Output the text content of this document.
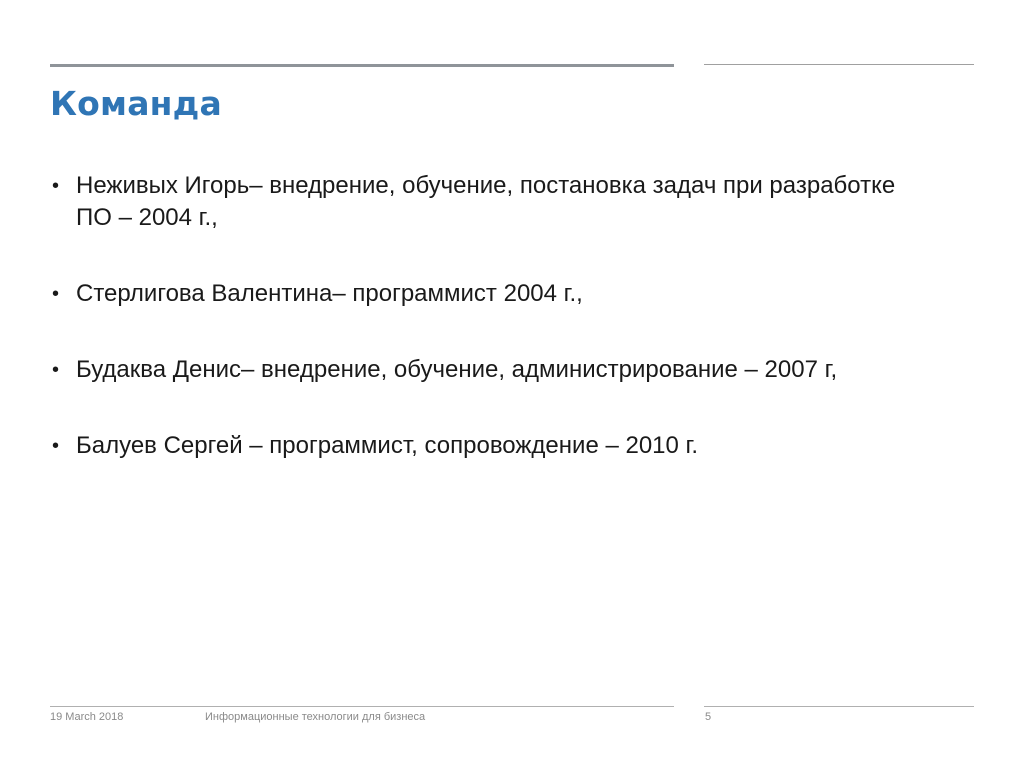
Команда
• Неживых Игорь– внедрение, обучение, постановка задач при разработке ПО – 2004 г.,
• Стерлигова Валентина– программист 2004 г.,
• Будаква Денис– внедрение, обучение, администрирование – 2007 г,
• Балуев Сергей – программист, сопровождение – 2010 г.
19 March 2018	Информационные технологии для бизнеса	5
